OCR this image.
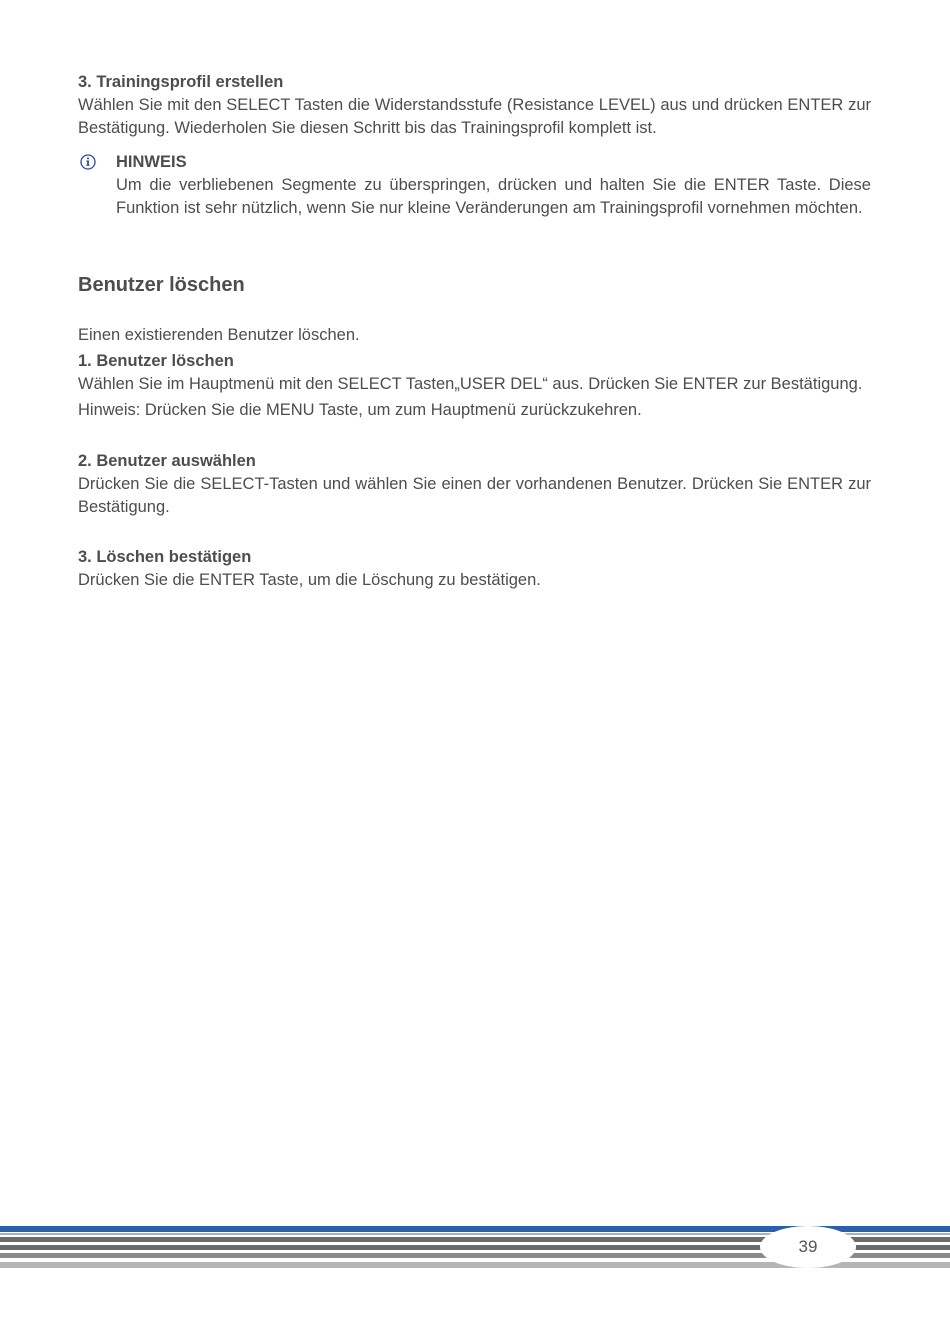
3. Trainingsprofil erstellen
Wählen Sie mit den SELECT Tasten die Widerstandsstufe (Resistance LEVEL) aus und drücken ENTER zur Bestätigung. Wiederholen Sie diesen Schritt bis das Trainingsprofil komplett ist.
HINWEIS
Um die verbliebenen Segmente zu überspringen, drücken und halten Sie die ENTER Taste. Diese Funktion ist sehr nützlich, wenn Sie nur kleine Veränderungen am Trainingsprofil vornehmen möchten.
Benutzer löschen
Einen existierenden Benutzer löschen.
1. Benutzer löschen
Wählen Sie im Hauptmenü mit den SELECT Tasten„USER DEL“ aus. Drücken Sie ENTER zur Bestätigung.
Hinweis: Drücken Sie die MENU Taste, um zum Hauptmenü zurückzukehren.
2. Benutzer auswählen
Drücken Sie die SELECT-Tasten und wählen Sie einen der vorhandenen Benutzer. Drücken Sie ENTER zur Bestätigung.
3. Löschen bestätigen
Drücken Sie die ENTER Taste, um die Löschung zu bestätigen.
39
